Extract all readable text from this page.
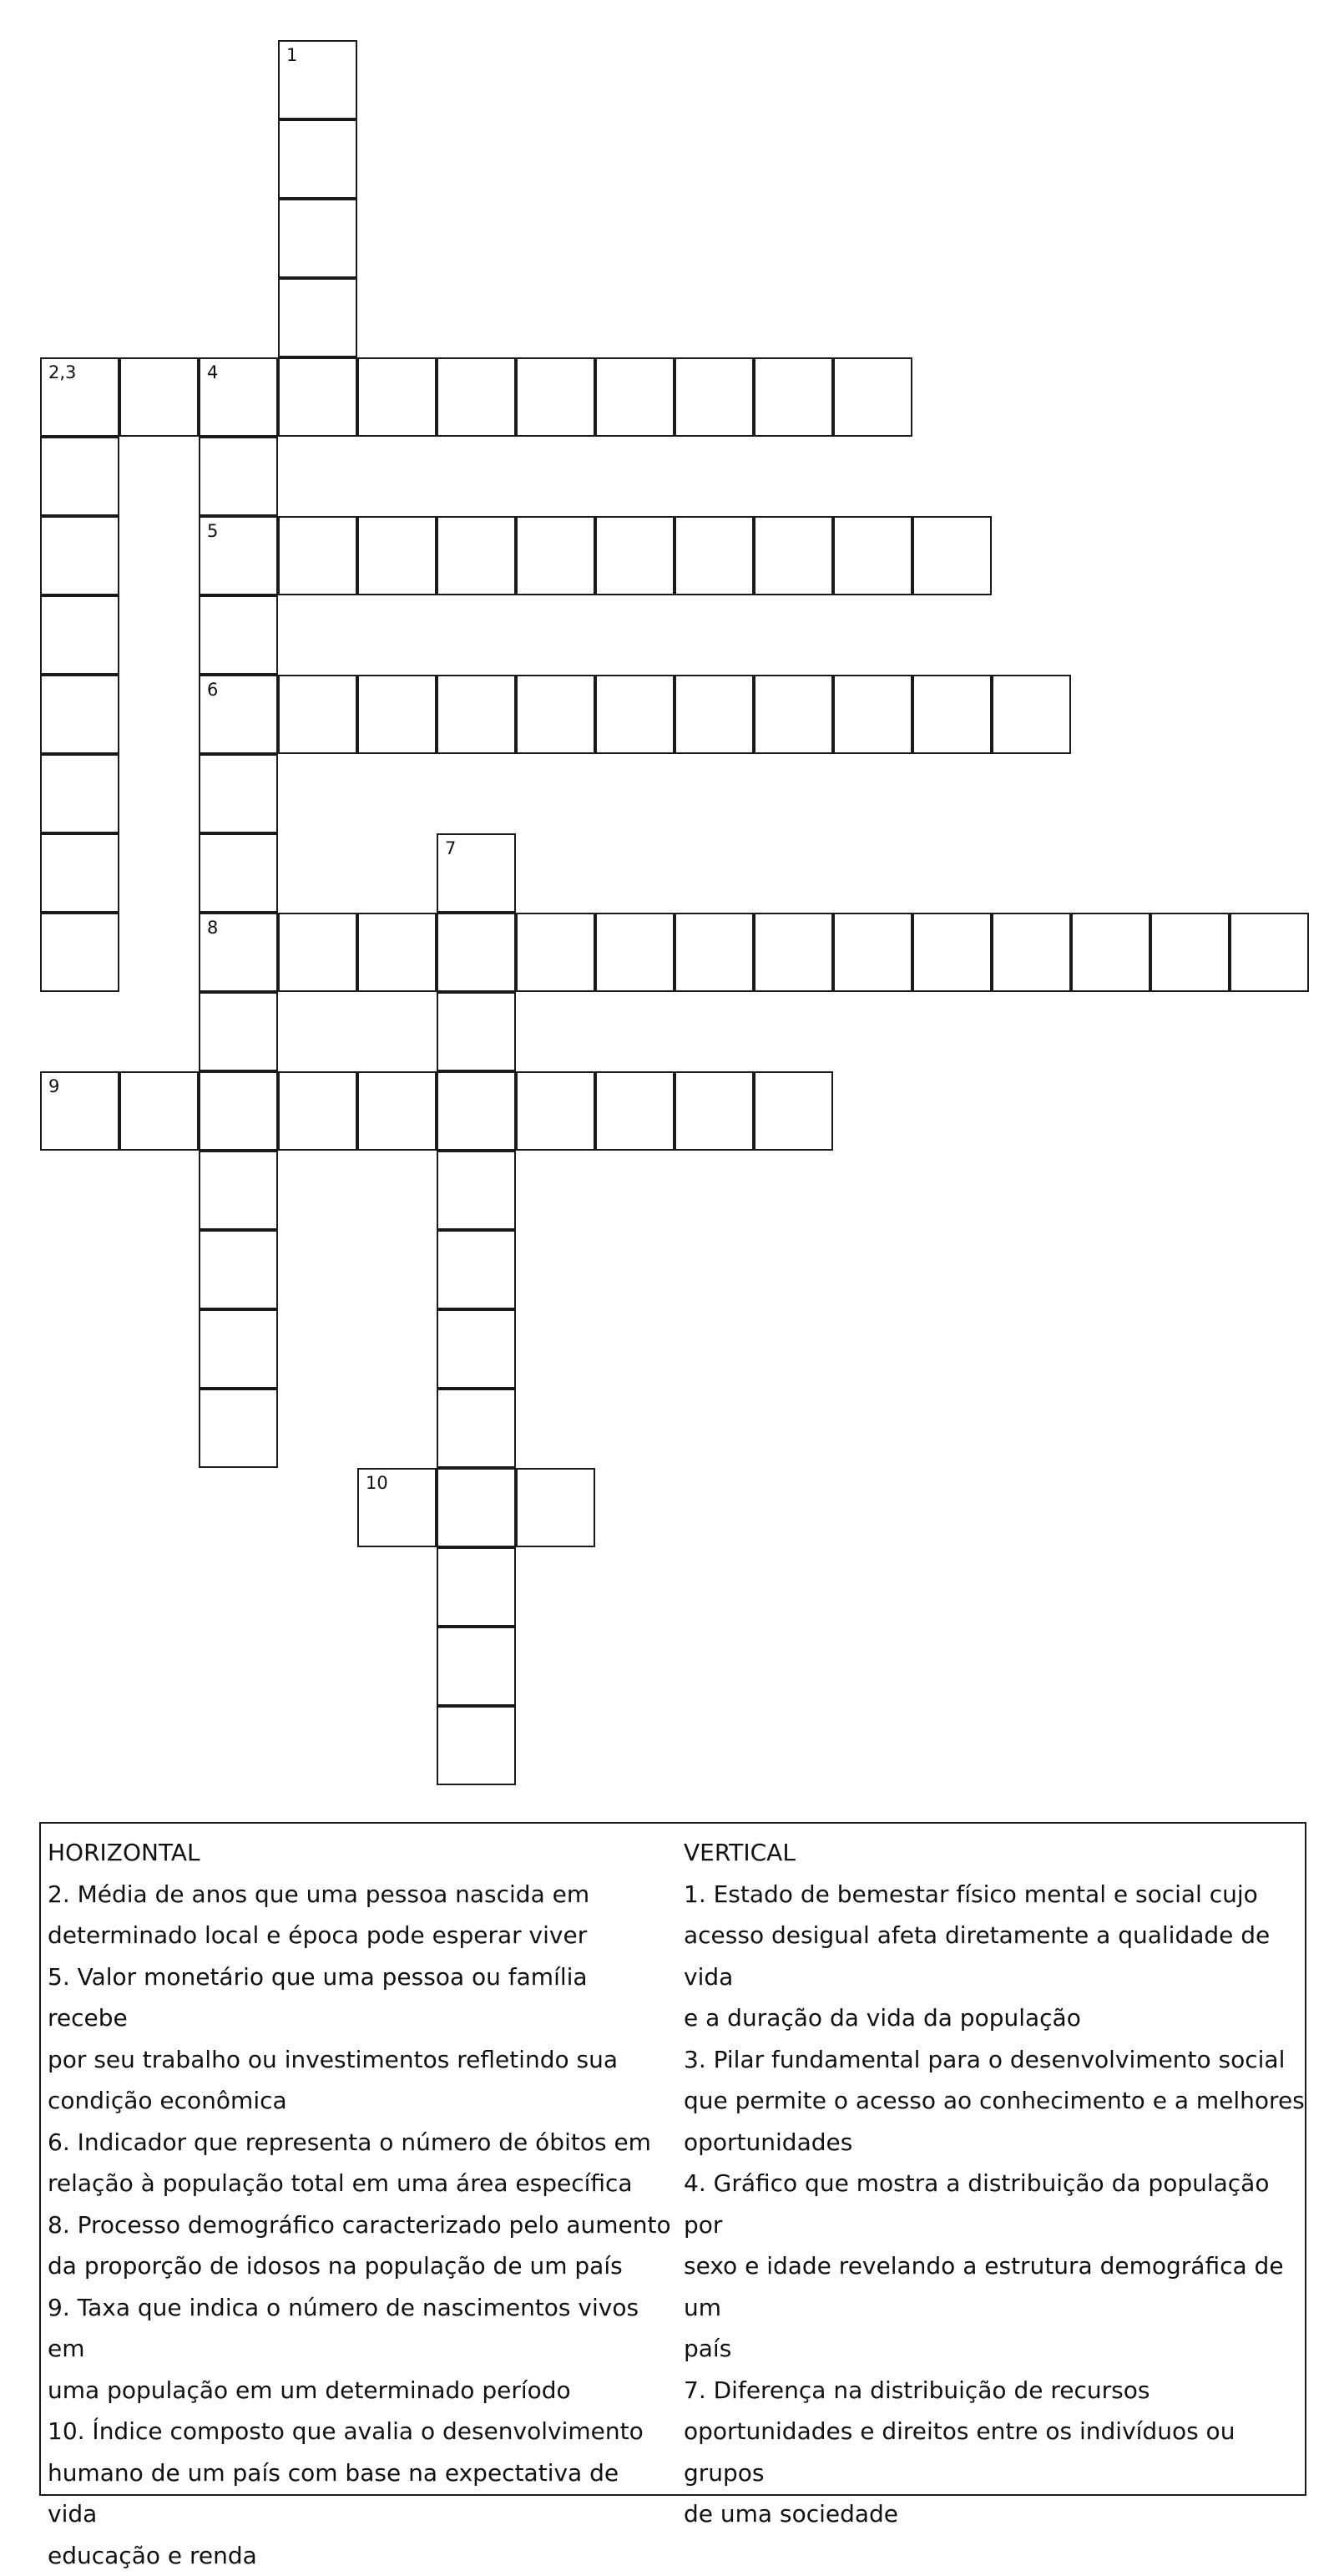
1
2,3	4
5
6
8
7
9
10

HORIZONTAL

2. Média de anos que uma pessoa nascida em

determinado local e época pode esperar viver

5. Valor monetário que uma pessoa ou família recebe

por seu trabalho ou investimentos refletindo sua

condição econômica

6. Indicador que representa o número de óbitos em

relação à população total em uma área específica

8. Processo demográfico caracterizado pelo aumento

da proporção de idosos na população de um país

9. Taxa que indica o número de nascimentos vivos em

uma população em um determinado período

10. Índice composto que avalia o desenvolvimento

humano de um país com base na expectativa de vida

educação e renda

VERTICAL

1. Estado de bemestar físico mental e social cujo

acesso desigual afeta diretamente a qualidade de vida

e a duração da vida da população

3. Pilar fundamental para o desenvolvimento social

que permite o acesso ao conhecimento e a melhores

oportunidades

4. Gráfico que mostra a distribuição da população por

sexo e idade revelando a estrutura demográfica de um

país

7. Diferença na distribuição de recursos

oportunidades e direitos entre os indivíduos ou grupos

de uma sociedade
